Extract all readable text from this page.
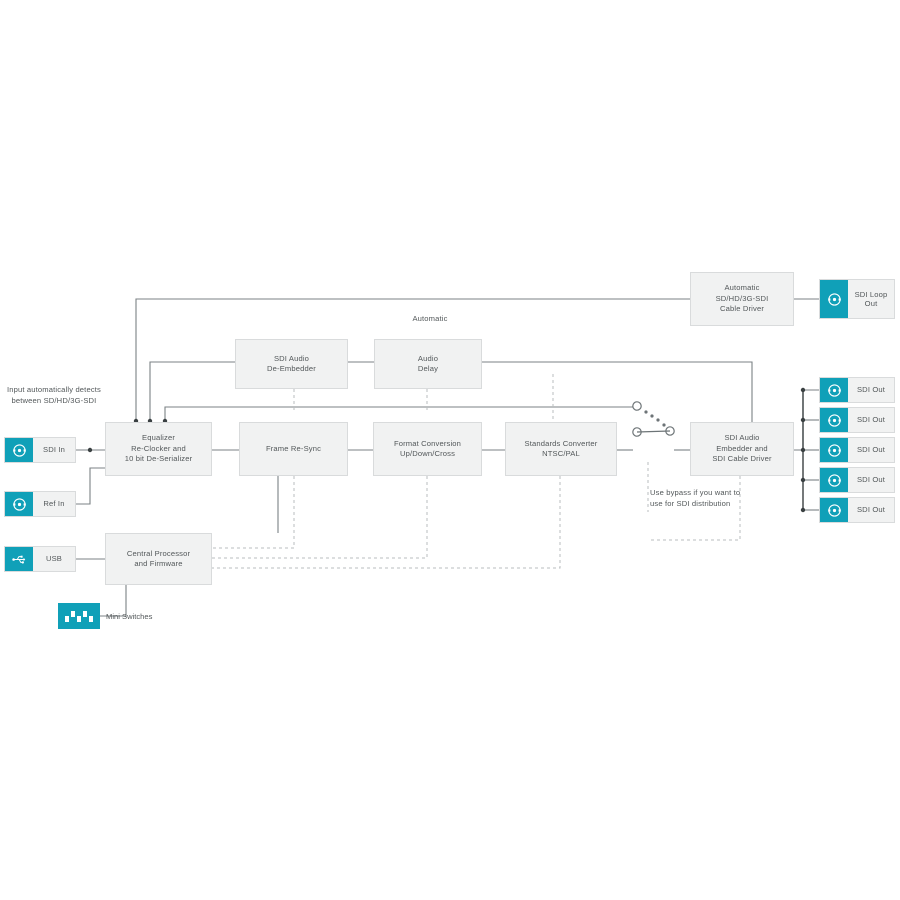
Input automatically detects between SD/HD/3G-SDI
Automatic
Use bypass if you want to use for SDI distribution
Automatic
SD/HD/3G-SDI
Cable Driver
SDI Audio
De-Embedder
Audio
Delay
Equalizer
Re-Clocker and
10 bit De-Serializer
Frame Re-Sync
Format Conversion
Up/Down/Cross
Standards Converter
NTSC/PAL
SDI Audio
Embedder and
SDI Cable Driver
Central Processor
and Firmware
SDI In
Ref In
USB
SDI Loop
Out
SDI Out
SDI Out
SDI Out
SDI Out
SDI Out
Mini Switches
